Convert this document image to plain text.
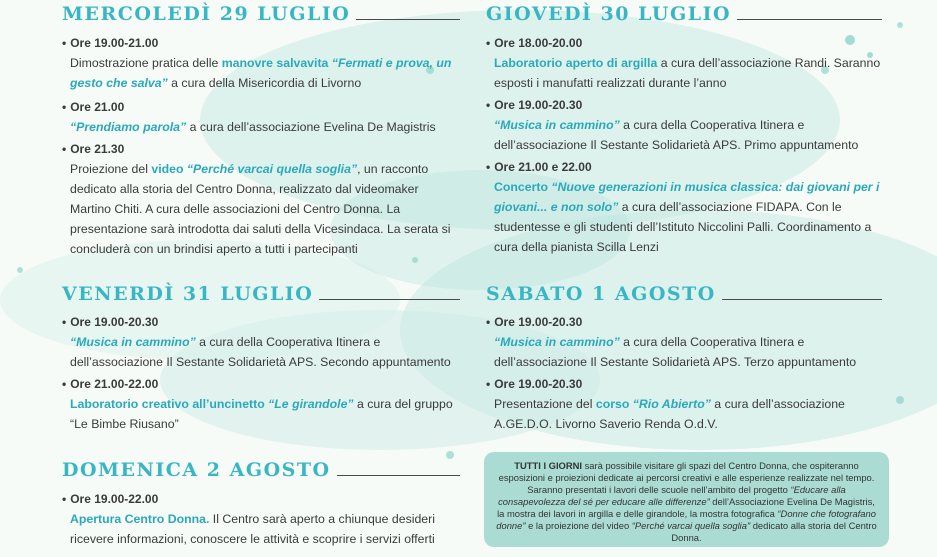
MERCOLEDÌ 29 LUGLIO
• Ore 19.00-21.00
Dimostrazione pratica delle manovre salvavita “Fermati e prova, un gesto che salva” a cura della Misericordia di Livorno
• Ore 21.00
“Prendiamo parola” a cura dell’associazione Evelina De Magistris
• Ore 21.30
Proiezione del video “Perché varcai quella soglia”, un racconto dedicato alla storia del Centro Donna, realizzato dal videomaker Martino Chiti. A cura delle associazioni del Centro Donna. La presentazione sarà introdotta dai saluti della Vicesindaca. La serata si concluderà con un brindisi aperto a tutti i partecipanti
GIOVEDÌ 30 LUGLIO
• Ore 18.00-20.00
Laboratorio aperto di argilla a cura dell’associazione Randi. Saranno esposti i manufatti realizzati durante l’anno
• Ore 19.00-20.30
“Musica in cammino” a cura della Cooperativa Itinera e dell’associazione Il Sestante Solidarietà APS. Primo appuntamento
• Ore 21.00 e 22.00
Concerto “Nuove generazioni in musica classica: dai giovani per i giovani... e non solo” a cura dell’associazione FIDAPA. Con le studentesse e gli studenti dell’Istituto Niccolini Palli. Coordinamento a cura della pianista Scilla Lenzi
VENERDÌ 31 LUGLIO
• Ore 19.00-20.30
“Musica in cammino” a cura della Cooperativa Itinera e dell’associazione Il Sestante Solidarietà APS. Secondo appuntamento
• Ore 21.00-22.00
Laboratorio creativo all’uncinetto “Le girandole” a cura del gruppo “Le Bimbe Riusano”
SABATO 1 AGOSTO
• Ore 19.00-20.30
“Musica in cammino” a cura della Cooperativa Itinera e dell’associazione Il Sestante Solidarietà APS. Terzo appuntamento
• Ore 19.00-20.30
Presentazione del corso “Rio Abierto” a cura dell’associazione A.GE.D.O. Livorno Saverio Renda O.d.V.
DOMENICA 2 AGOSTO
• Ore 19.00-22.00
Apertura Centro Donna. Il Centro sarà aperto a chiunque desideri ricevere informazioni, conoscere le attività e scoprire i servizi offerti
TUTTI I GIORNI sarà possibile visitare gli spazi del Centro Donna, che ospiteranno esposizioni e proiezioni dedicate ai percorsi creativi e alle esperienze realizzate nel tempo. Saranno presentati i lavori delle scuole nell’ambito del progetto “Educare alla consapevolezza del sé per educare alle differenze” dell’Associazione Evelina De Magistris, la mostra dei lavori in argilla e delle girandole, la mostra fotografica “Donne che fotografano donne” e la proiezione del video “Perché varcai quella soglia” dedicato alla storia del Centro Donna.
